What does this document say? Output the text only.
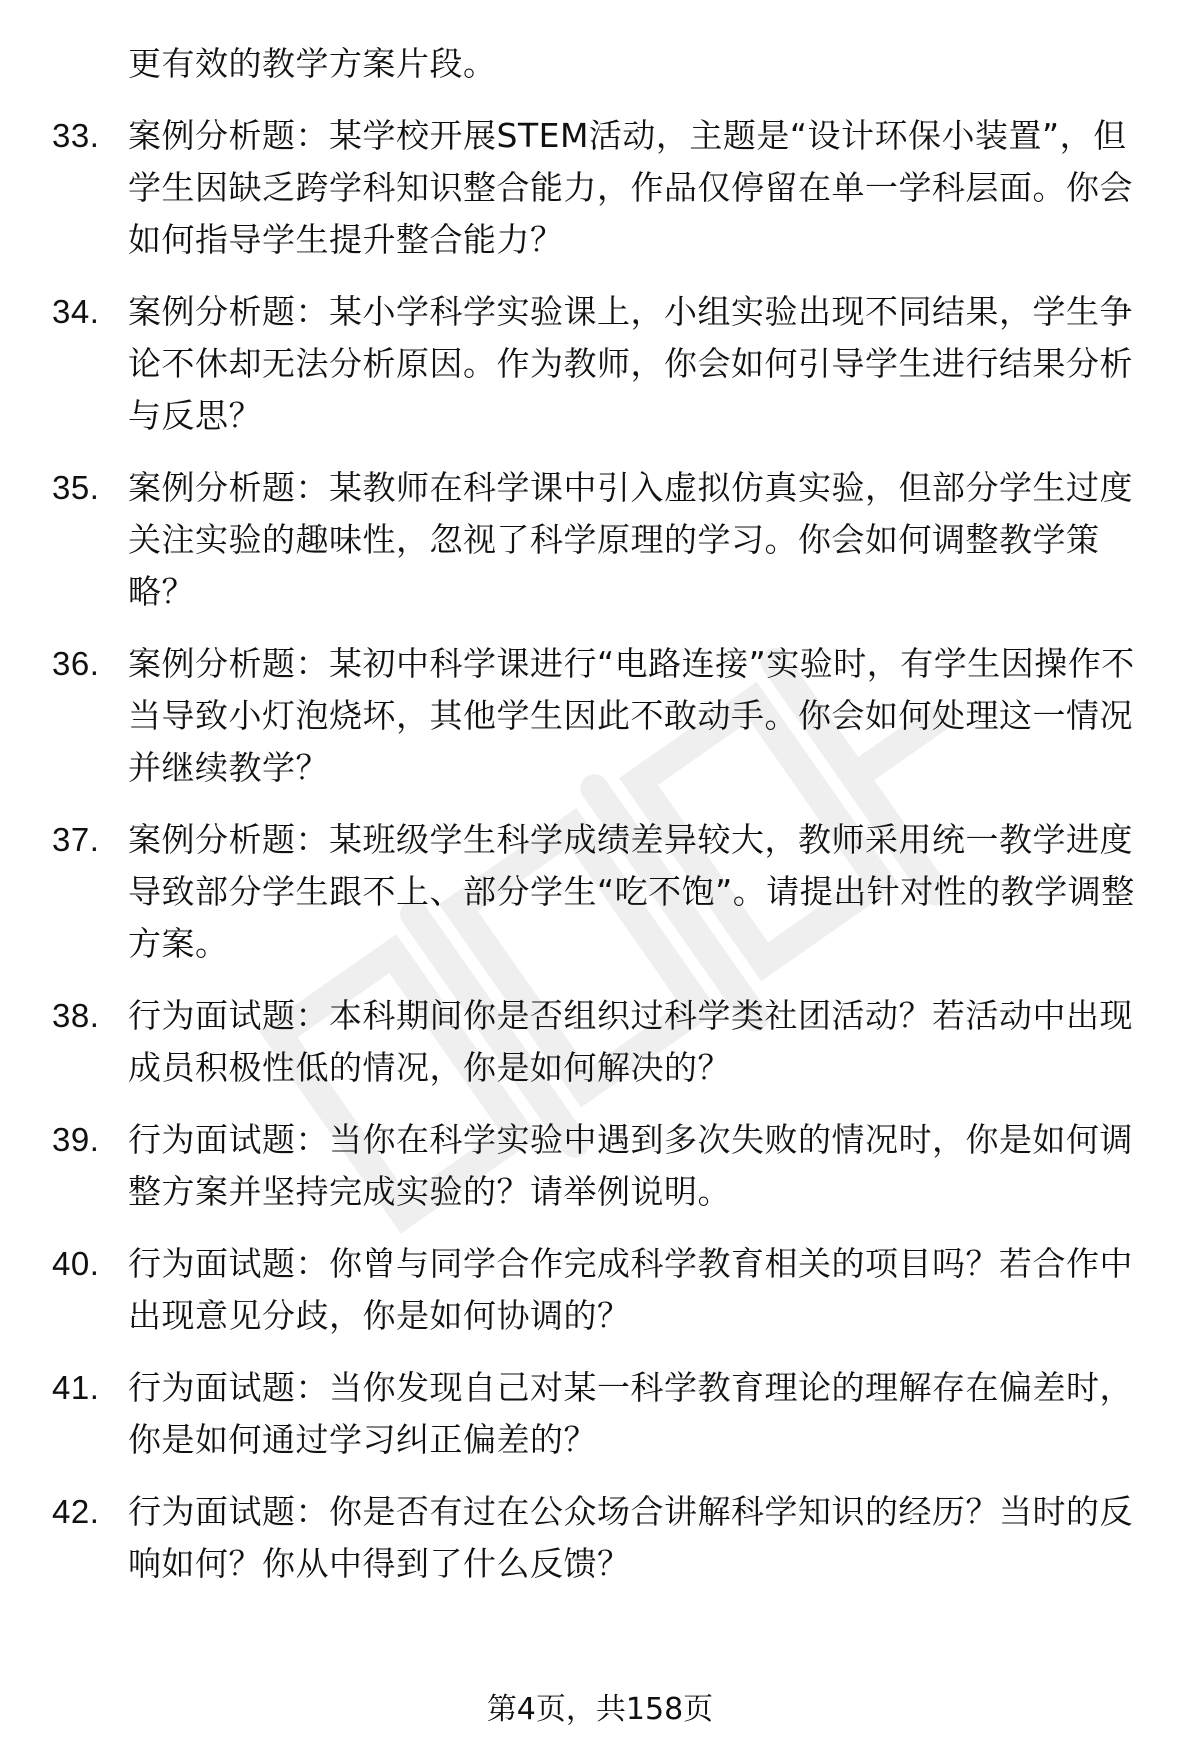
更有效的教学方案片段。
33. 案例分析题：某学校开展STEM活动，主题是“设计环保小装置”，但学生因缺乏跨学科知识整合能力，作品仅停留在单一学科层面。你会如何指导学生提升整合能力？
34. 案例分析题：某小学科学实验课上，小组实验出现不同结果，学生争论不休却无法分析原因。作为教师，你会如何引导学生进行结果分析与反思？
35. 案例分析题：某教师在科学课中引入虚拟仿真实验，但部分学生过度关注实验的趣味性，忽视了科学原理的学习。你会如何调整教学策略？
36. 案例分析题：某初中科学课进行“电路连接”实验时，有学生因操作不当导致小灯泡烧坏，其他学生因此不敢动手。你会如何处理这一情况并继续教学？
37. 案例分析题：某班级学生科学成绩差异较大，教师采用统一教学进度导致部分学生跟不上、部分学生“吃不饱”。请提出针对性的教学调整方案。
38. 行为面试题：本科期间你是否组织过科学类社团活动？若活动中出现成员积极性低的情况，你是如何解决的？
39. 行为面试题：当你在科学实验中遇到多次失败的情况时，你是如何调整方案并坚持完成实验的？请举例说明。
40. 行为面试题：你曾与同学合作完成科学教育相关的项目吗？若合作中出现意见分歧，你是如何协调的？
41. 行为面试题：当你发现自己对某一科学教育理论的理解存在偏差时，你是如何通过学习纠正偏差的？
42. 行为面试题：你是否有过在公众场合讲解科学知识的经历？当时的反响如何？你从中得到了什么反馈？
第4页，共158页
